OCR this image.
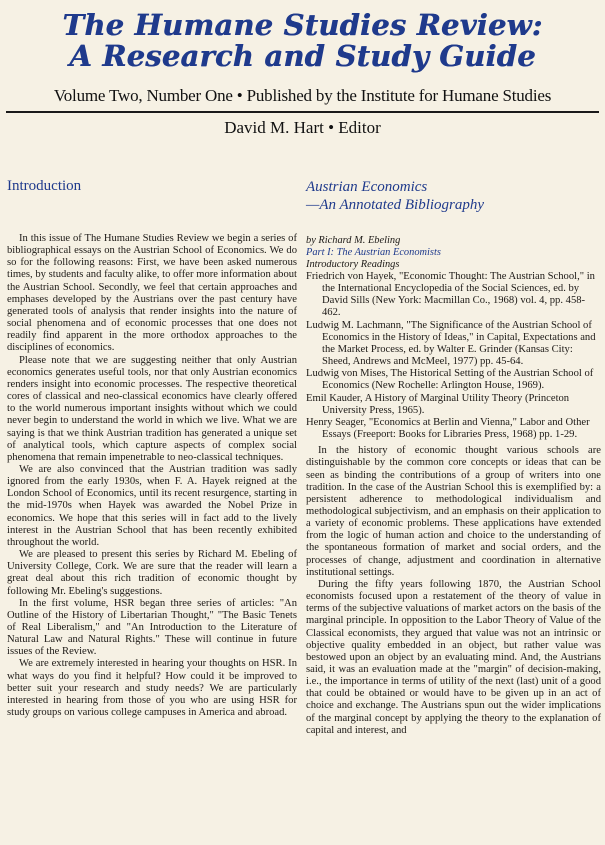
The Humane Studies Review:
A Research and Study Guide
Volume Two, Number One • Published by the Institute for Humane Studies
David M. Hart • Editor
Introduction

In this issue of The Humane Studies Review we begin a series of bibliographical essays on the Austrian School of Economics. We do so for the following reasons: First, we have been asked numerous times, by students and faculty alike, to offer more information about the Austrian School. Secondly, we feel that certain approaches and emphases developed by the Austrians over the past century have generated tools of analysis that render insights into the nature of social phenomena and of economic processes that one does not readily find apparent in the more orthodox approaches to the disciplines of economics.

Please note that we are suggesting neither that only Austrian economics generates useful tools, nor that only Austrian economics renders insight into economic processes. The respective theoretical cores of classical and neo-classical economics have clearly offered to the world numerous important insights without which we could never begin to understand the world in which we live. What we are saying is that we think Austrian tradition has generated a unique set of analytical tools, which capture aspects of complex social phenomena that remain impenetrable to neo-classical techniques.

We are also convinced that the Austrian tradition was sadly ignored from the early 1930s, when F. A. Hayek reigned at the London School of Economics, until its recent resurgence, starting in the mid-1970s when Hayek was awarded the Nobel Prize in economics. We hope that this series will in fact add to the lively interest in the Austrian School that has been recently exhibited throughout the world.

We are pleased to present this series by Richard M. Ebeling of University College, Cork. We are sure that the reader will learn a great deal about this rich tradition of economic thought by following Mr. Ebeling's suggestions.

In the first volume, HSR began three series of articles: "An Outline of the History of Libertarian Thought," "The Basic Tenets of Real Liberalism," and "An Introduction to the Literature of Natural Law and Natural Rights." These will continue in future issues of the Review.

We are extremely interested in hearing your thoughts on HSR. In what ways do you find it helpful? How could it be improved to better suit your research and study needs? We are particularly interested in hearing from those of you who are using HSR for study groups on various college campuses in America and abroad.

Austrian Economics
—An Annotated Bibliography
by Richard M. Ebeling
Part I: The Austrian Economists
Introductory Readings
Friedrich von Hayek, "Economic Thought: The Austrian School," in the International Encyclopedia of the Social Sciences, ed. by David Sills (New York: Macmillan Co., 1968) vol. 4, pp. 458-462.
Ludwig M. Lachmann, "The Significance of the Austrian School of Economics in the History of Ideas," in Capital, Expectations and the Market Process, ed. by Walter E. Grinder (Kansas City: Sheed, Andrews and McMeel, 1977) pp. 45-64.
Ludwig von Mises, The Historical Setting of the Austrian School of Economics (New Rochelle: Arlington House, 1969).
Emil Kauder, A History of Marginal Utility Theory (Princeton University Press, 1965).
Henry Seager, "Economics at Berlin and Vienna," Labor and Other Essays (Freeport: Books for Libraries Press, 1968) pp. 1-29.

In the history of economic thought various schools are distinguishable by the common core concepts or ideas that can be seen as binding the contributions of a group of writers into one tradition. In the case of the Austrian School this is exemplified by: a persistent adherence to methodological individualism and methodological subjectivism, and an emphasis on their application to a variety of economic problems. These applications have extended from the logic of human action and choice to the understanding of the spontaneous formation of market and social orders, and the processes of change, adjustment and coordination in alternative institutional settings.

During the fifty years following 1870, the Austrian School economists focused upon a restatement of the theory of value in terms of the subjective valuations of market actors on the basis of the marginal principle. In opposition to the Labor Theory of Value of the Classical economists, they argued that value was not an intrinsic or objective quality embedded in an object, but rather value was bestowed upon an object by an evaluating mind. And, the Austrians said, it was an evaluation made at the "margin" of decision-making, i.e., the importance in terms of utility of the next (last) unit of a good that could be obtained or would have to be given up in an act of choice and exchange. The Austrians spun out the wider implications of the marginal concept by applying the theory to the explanation of capital and interest, and
